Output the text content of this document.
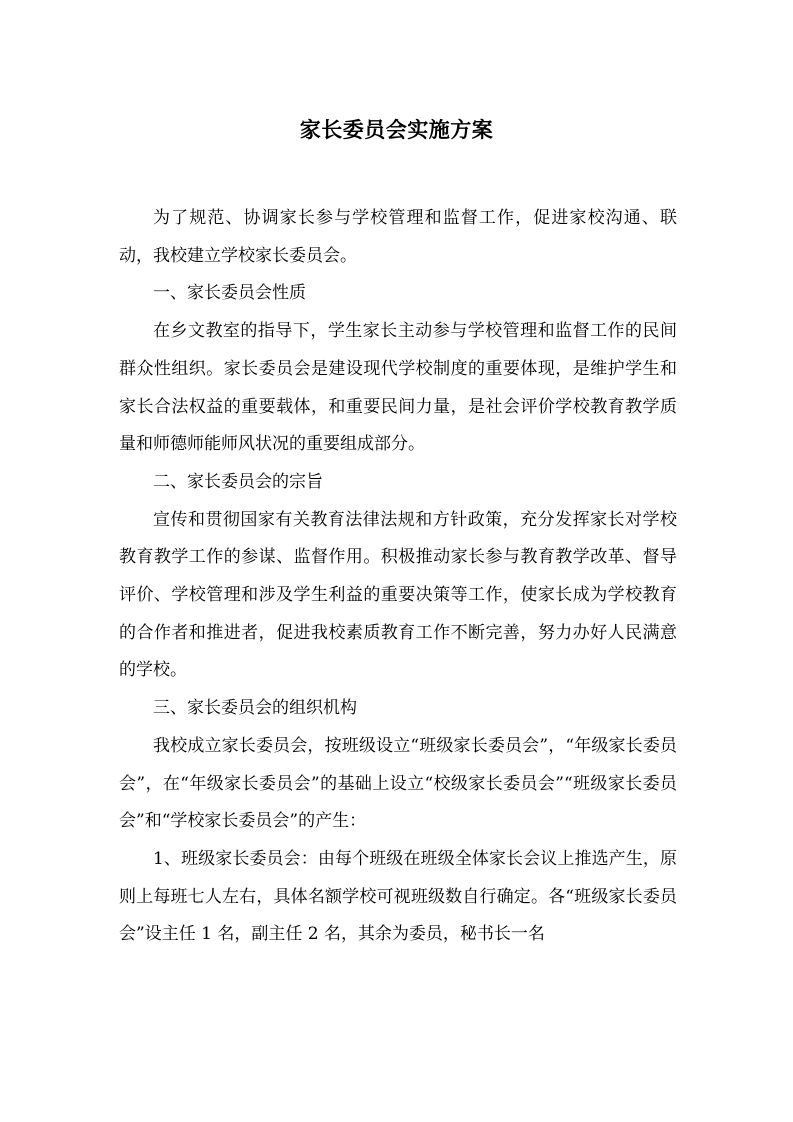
家长委员会实施方案

为了规范、协调家长参与学校管理和监督工作，促进家校沟通、联动，我校建立学校家长委员会。

一、家长委员会性质

在乡文教室的指导下，学生家长主动参与学校管理和监督工作的民间群众性组织。家长委员会是建设现代学校制度的重要体现，是维护学生和家长合法权益的重要载体，和重要民间力量，是社会评价学校教育教学质量和师德师能师风状况的重要组成部分。

二、家长委员会的宗旨

宣传和贯彻国家有关教育法律法规和方针政策，充分发挥家长对学校教育教学工作的参谋、监督作用。积极推动家长参与教育教学改革、督导评价、学校管理和涉及学生利益的重要决策等工作，使家长成为学校教育的合作者和推进者，促进我校素质教育工作不断完善，努力办好人民满意的学校。

三、家长委员会的组织机构

我校成立家长委员会，按班级设立“班级家长委员会”，“年级家长委员会”，在“年级家长委员会”的基础上设立“校级家长委员会”“班级家长委员会”和“学校家长委员会”的产生：

1、班级家长委员会：由每个班级在班级全体家长会议上推选产生，原则上每班七人左右，具体名额学校可视班级数自行确定。各“班级家长委员会”设主任 1 名，副主任 2 名，其余为委员，秘书长一名
